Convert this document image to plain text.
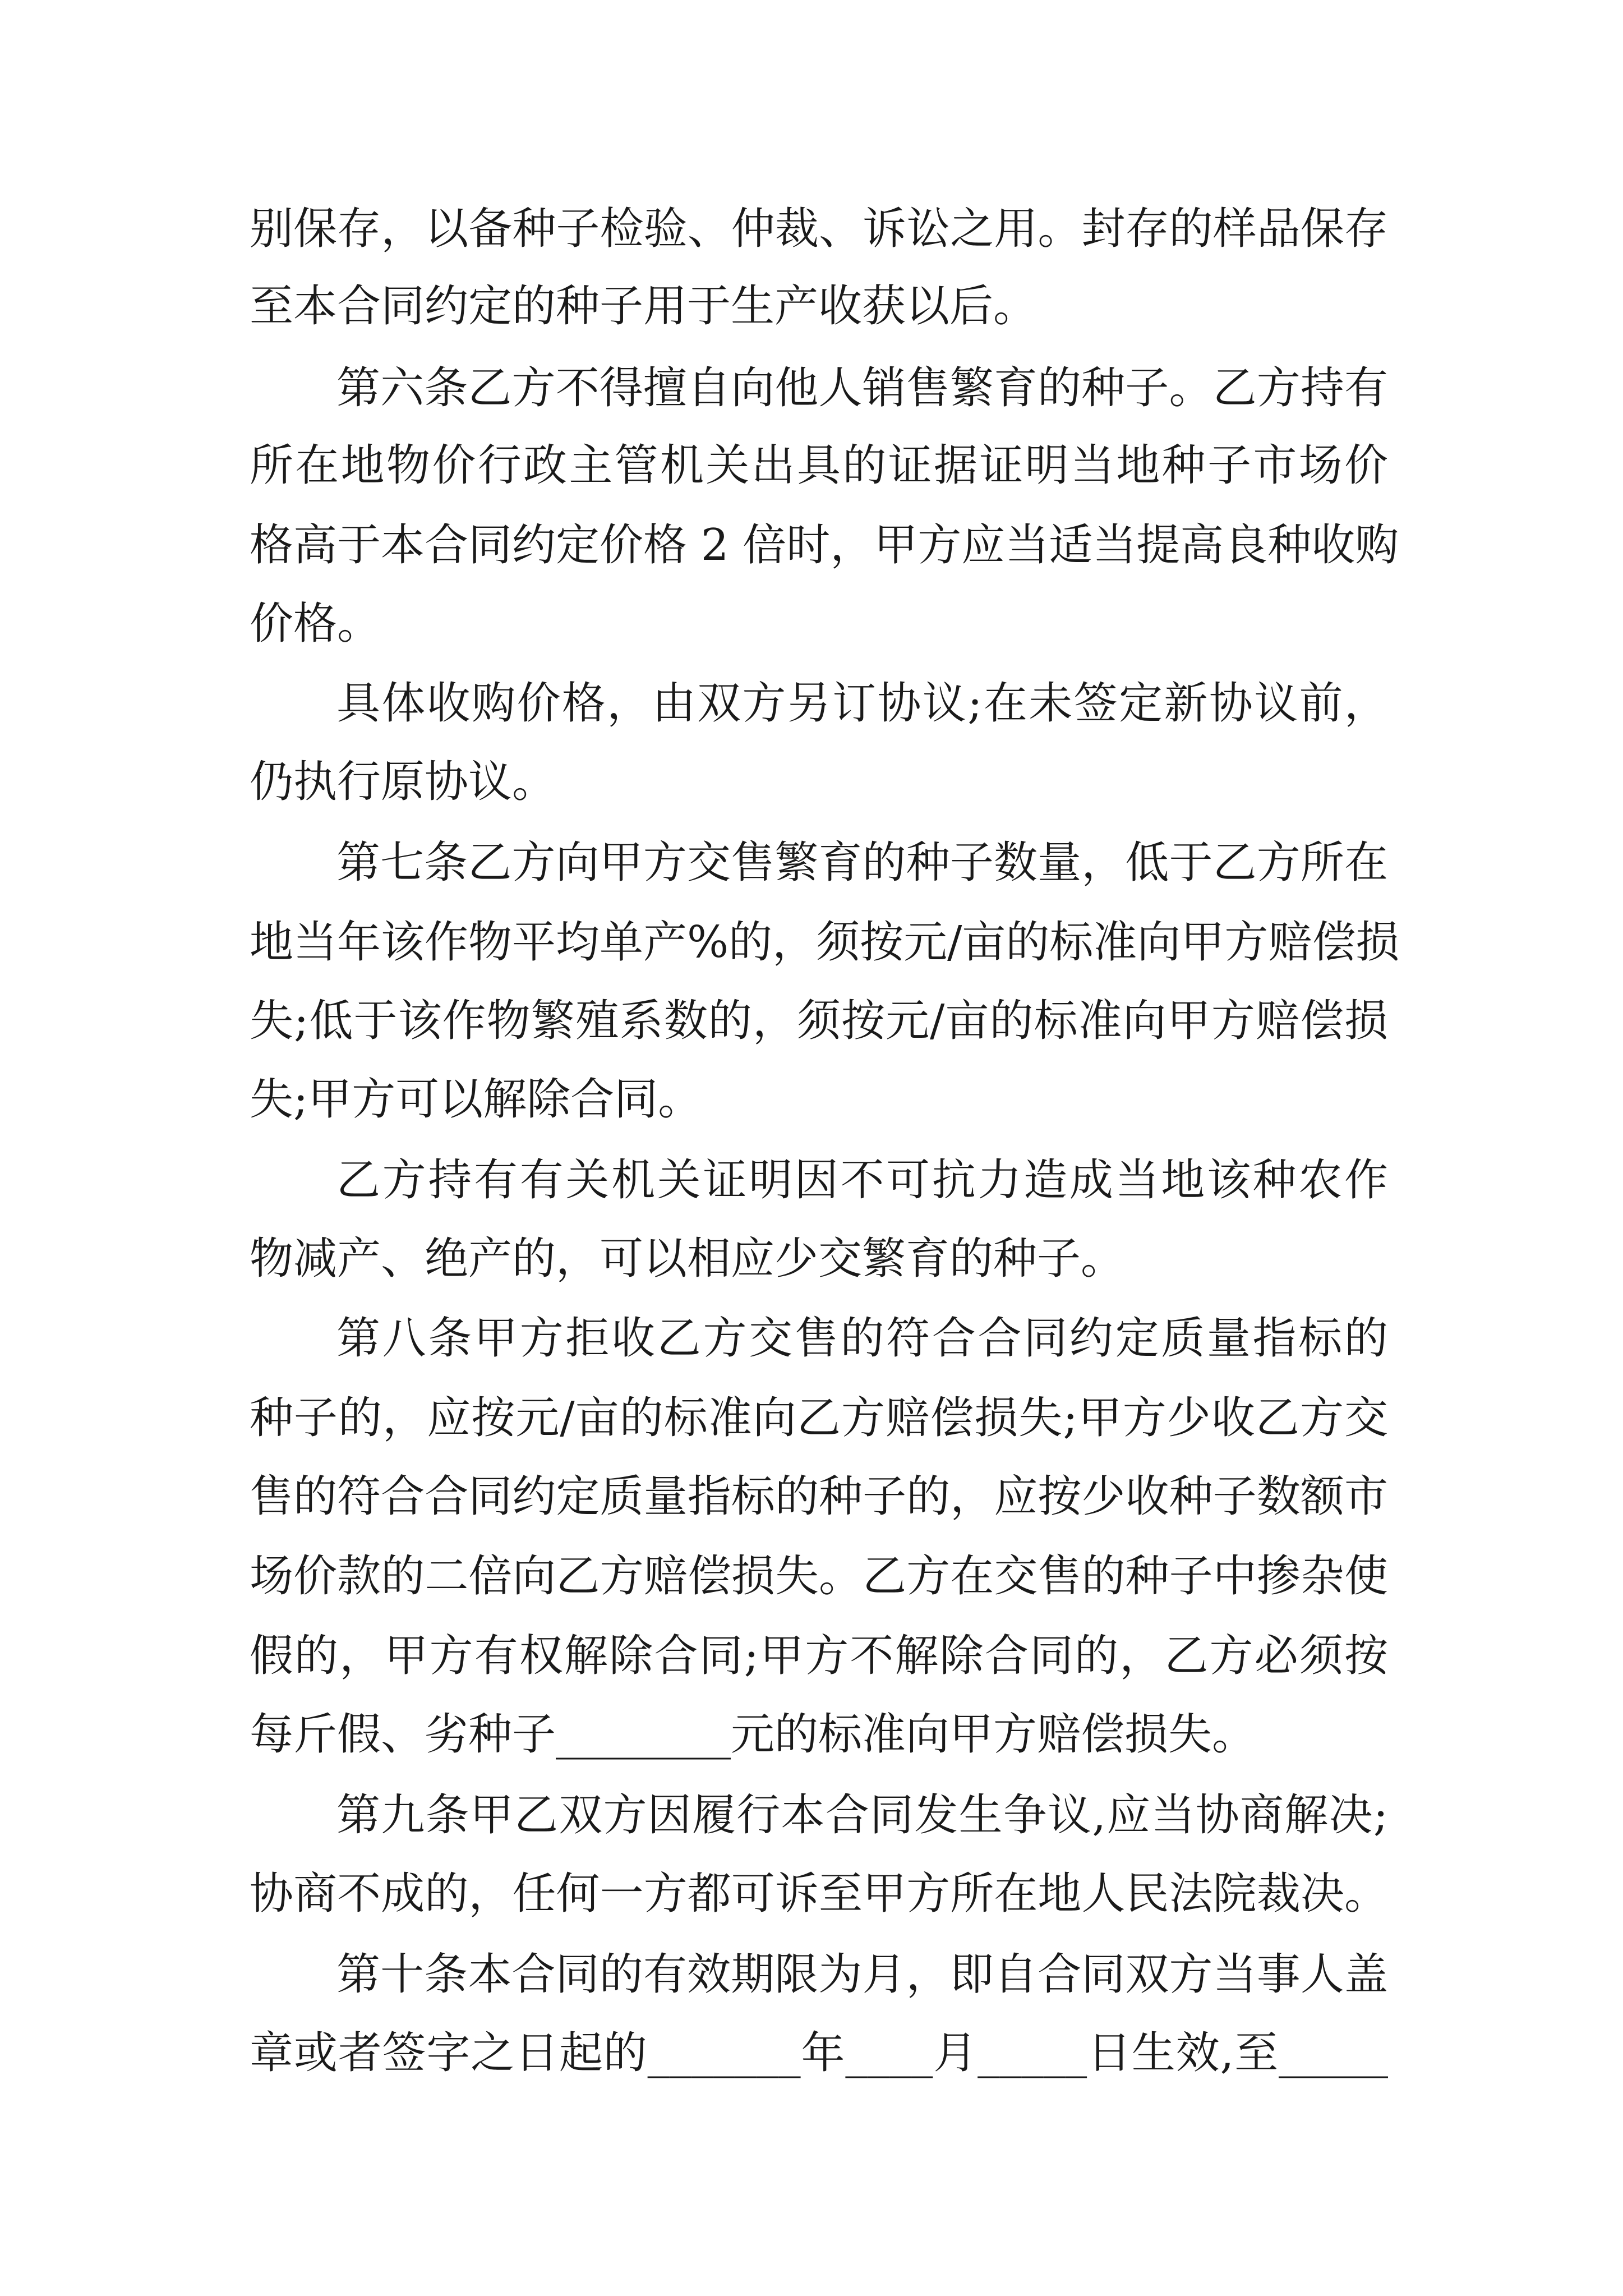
别保存，以备种子检验、仲裁、诉讼之用。封存的样品保存
至本合同约定的种子用于生产收获以后。
第六条乙方不得擅自向他人销售繁育的种子。乙方持有
所在地物价行政主管机关出具的证据证明当地种子市场价
格高于本合同约定价格 2 倍时，甲方应当适当提高良种收购
价格。
具体收购价格，由双方另订协议;在未签定新协议前，
仍执行原协议。
第七条乙方向甲方交售繁育的种子数量，低于乙方所在
地当年该作物平均单产%的，须按元/亩的标准向甲方赔偿损
失;低于该作物繁殖系数的，须按元/亩的标准向甲方赔偿损
失;甲方可以解除合同。
乙方持有有关机关证明因不可抗力造成当地该种农作
物减产、绝产的，可以相应少交繁育的种子。
第八条甲方拒收乙方交售的符合合同约定质量指标的
种子的，应按元/亩的标准向乙方赔偿损失;甲方少收乙方交
售的符合合同约定质量指标的种子的，应按少收种子数额市
场价款的二倍向乙方赔偿损失。乙方在交售的种子中掺杂使
假的，甲方有权解除合同;甲方不解除合同的，乙方必须按
每斤假、劣种子________元的标准向甲方赔偿损失。
第九条甲乙双方因履行本合同发生争议,应当协商解决;
协商不成的，任何一方都可诉至甲方所在地人民法院裁决。
第十条本合同的有效期限为月，即自合同双方当事人盖
章或者签字之日起的_______年____月_____日生效,至_____
